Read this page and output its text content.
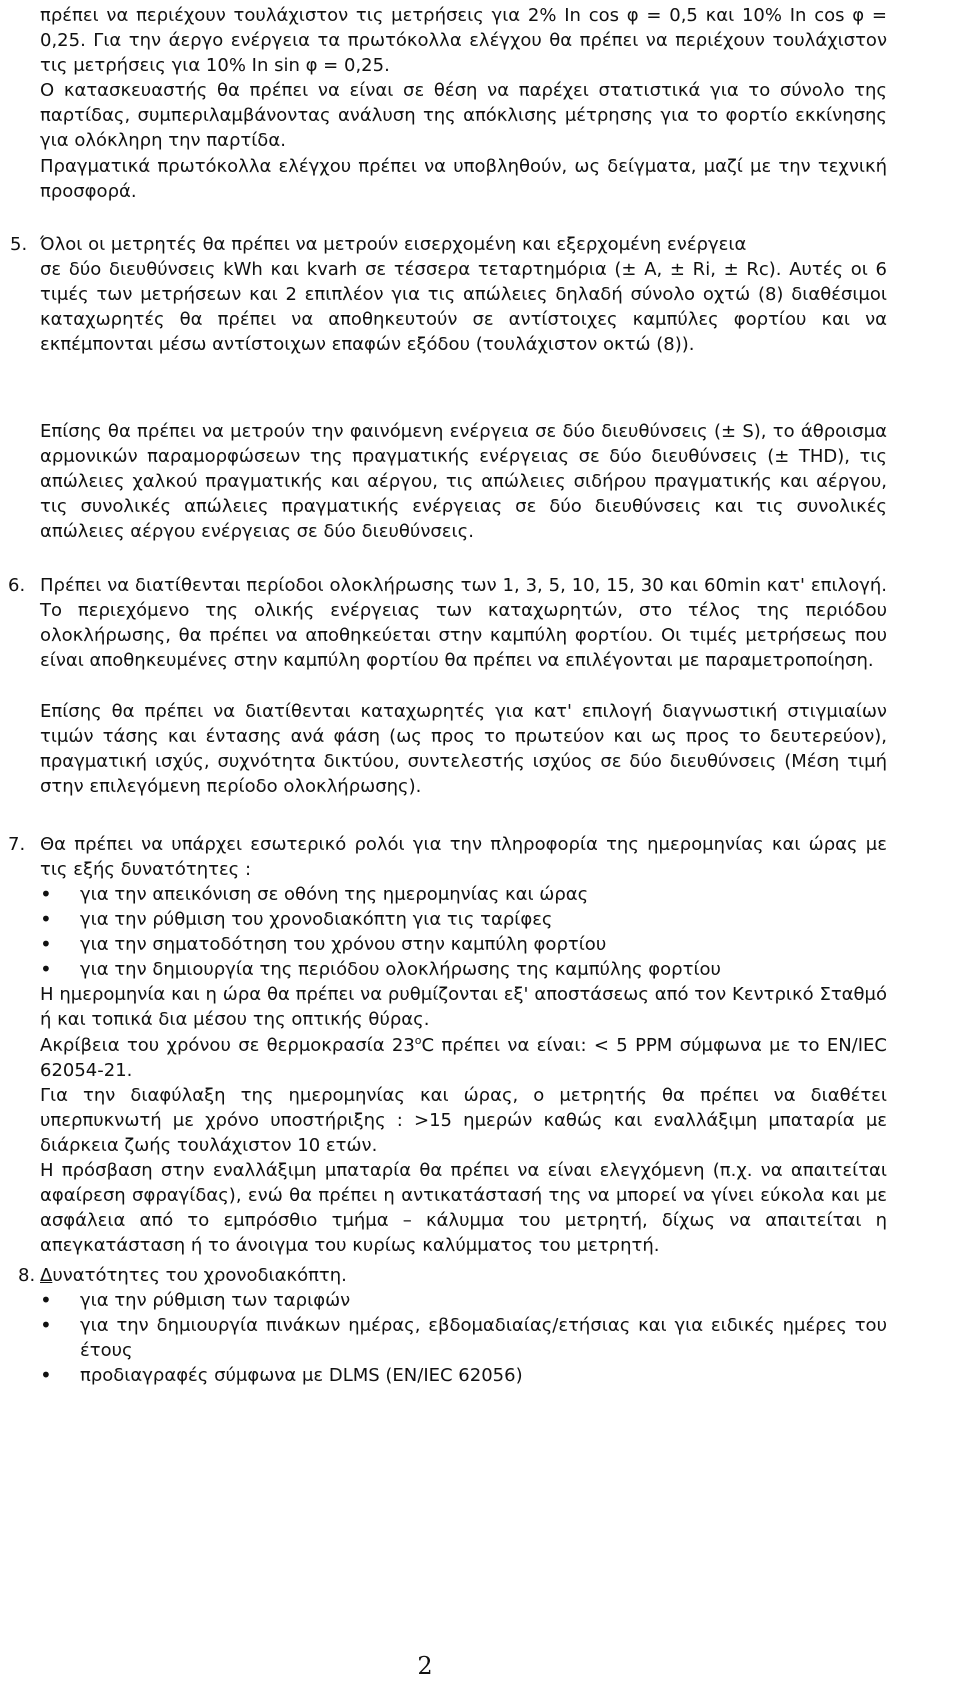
πρέπει να περιέχουν τουλάχιστον τις μετρήσεις για 2% In cos φ = 0,5 και 10% In cos φ = 0,25. Για την άεργο ενέργεια τα πρωτόκολλα ελέγχου θα πρέπει να περιέχουν τουλάχιστον τις μετρήσεις για 10% In sin φ = 0,25.

Ο κατασκευαστής θα πρέπει να είναι σε θέση να παρέχει στατιστικά για το σύνολο της παρτίδας, συμπεριλαμβάνοντας ανάλυση της απόκλισης μέτρησης για το φορτίο εκκίνησης για ολόκληρη την παρτίδα.

Πραγματικά πρωτόκολλα ελέγχου πρέπει να υποβληθούν, ως δείγματα, μαζί με την τεχνική προσφορά.

5. Όλοι οι μετρητές θα πρέπει να μετρούν εισερχομένη και εξερχομένη ενέργεια

σε δύο διευθύνσεις kWh και kvarh σε τέσσερα τεταρτημόρια (± A, ± Ri, ± Rc). Αυτές οι 6 τιμές των μετρήσεων και 2 επιπλέον για τις απώλειες δηλαδή σύνολο οχτώ (8) διαθέσιμοι καταχωρητές θα πρέπει να αποθηκευτούν σε αντίστοιχες καμπύλες φορτίου και να εκπέμπονται μέσω αντίστοιχων επαφών εξόδου (τουλάχιστον οκτώ (8)).

Επίσης θα πρέπει να μετρούν την φαινόμενη ενέργεια σε δύο διευθύνσεις (± S), το άθροισμα αρμονικών παραμορφώσεων της πραγματικής ενέργειας σε δύο διευθύνσεις (± THD), τις απώλειες χαλκού πραγματικής και αέργου, τις απώλειες σιδήρου πραγματικής και αέργου, τις συνολικές απώλειες πραγματικής ενέργειας σε δύο διευθύνσεις και τις συνολικές απώλειες αέργου ενέργειας σε δύο διευθύνσεις.

6. Πρέπει να διατίθενται περίοδοι ολοκλήρωσης των 1, 3, 5, 10, 15, 30 και 60min κατ' επιλογή. Το περιεχόμενο της ολικής ενέργειας των καταχωρητών, στο τέλος της περιόδου ολοκλήρωσης, θα πρέπει να αποθηκεύεται στην καμπύλη φορτίου. Οι τιμές μετρήσεως που είναι αποθηκευμένες στην καμπύλη φορτίου θα πρέπει να επιλέγονται με παραμετροποίηση.

Επίσης θα πρέπει να διατίθενται καταχωρητές για κατ' επιλογή διαγνωστική στιγμιαίων τιμών τάσης και έντασης ανά φάση (ως προς το πρωτεύον και ως προς το δευτερεύον), πραγματική ισχύς, συχνότητα δικτύου, συντελεστής ισχύος σε δύο διευθύνσεις (Μέση τιμή στην επιλεγόμενη περίοδο ολοκλήρωσης).

7. Θα πρέπει να υπάρχει εσωτερικό ρολόι για την πληροφορία της ημερομηνίας και ώρας με τις εξής δυνατότητες :

• για την απεικόνιση σε οθόνη της ημερομηνίας και ώρας
• για την ρύθμιση του χρονοδιακόπτη για τις ταρίφες
• για την σηματοδότηση του χρόνου στην καμπύλη φορτίου
• για την δημιουργία της περιόδου ολοκλήρωσης της καμπύλης φορτίου

Η ημερομηνία και η ώρα θα πρέπει να ρυθμίζονται εξ' αποστάσεως από τον Κεντρικό Σταθμό ή και τοπικά δια μέσου της οπτικής θύρας.

Ακρίβεια του χρόνου σε θερμοκρασία $23^oC$ πρέπει να είναι: < 5 PPM σύμφωνα με το EN/IEC 62054-21.

Για την διαφύλαξη της ημερομηνίας και ώρας, ο μετρητής θα πρέπει να διαθέτει υπερπυκνωτή με χρόνο υποστήριξης : >15 ημερών καθώς και εναλλάξιμη μπαταρία με διάρκεια ζωής τουλάχιστον 10 ετών.

Η πρόσβαση στην εναλλάξιμη μπαταρία θα πρέπει να είναι ελεγχόμενη (π.χ. να απαιτείται αφαίρεση σφραγίδας), ενώ θα πρέπει η αντικατάστασή της να μπορεί να γίνει εύκολα και με ασφάλεια από το εμπρόσθιο τμήμα – κάλυμμα του μετρητή, δίχως να απαιτείται η απεγκατάσταση ή το άνοιγμα του κυρίως καλύμματος του μετρητή.

8. Δυνατότητες του χρονοδιακόπτη.
• για την ρύθμιση των ταριφών
• για την δημιουργία πινάκων ημέρας, εβδομαδιαίας/ετήσιας και για ειδικές ημέρες του έτους
• προδιαγραφές σύμφωνα με DLMS (EN/IEC 62056)
2
